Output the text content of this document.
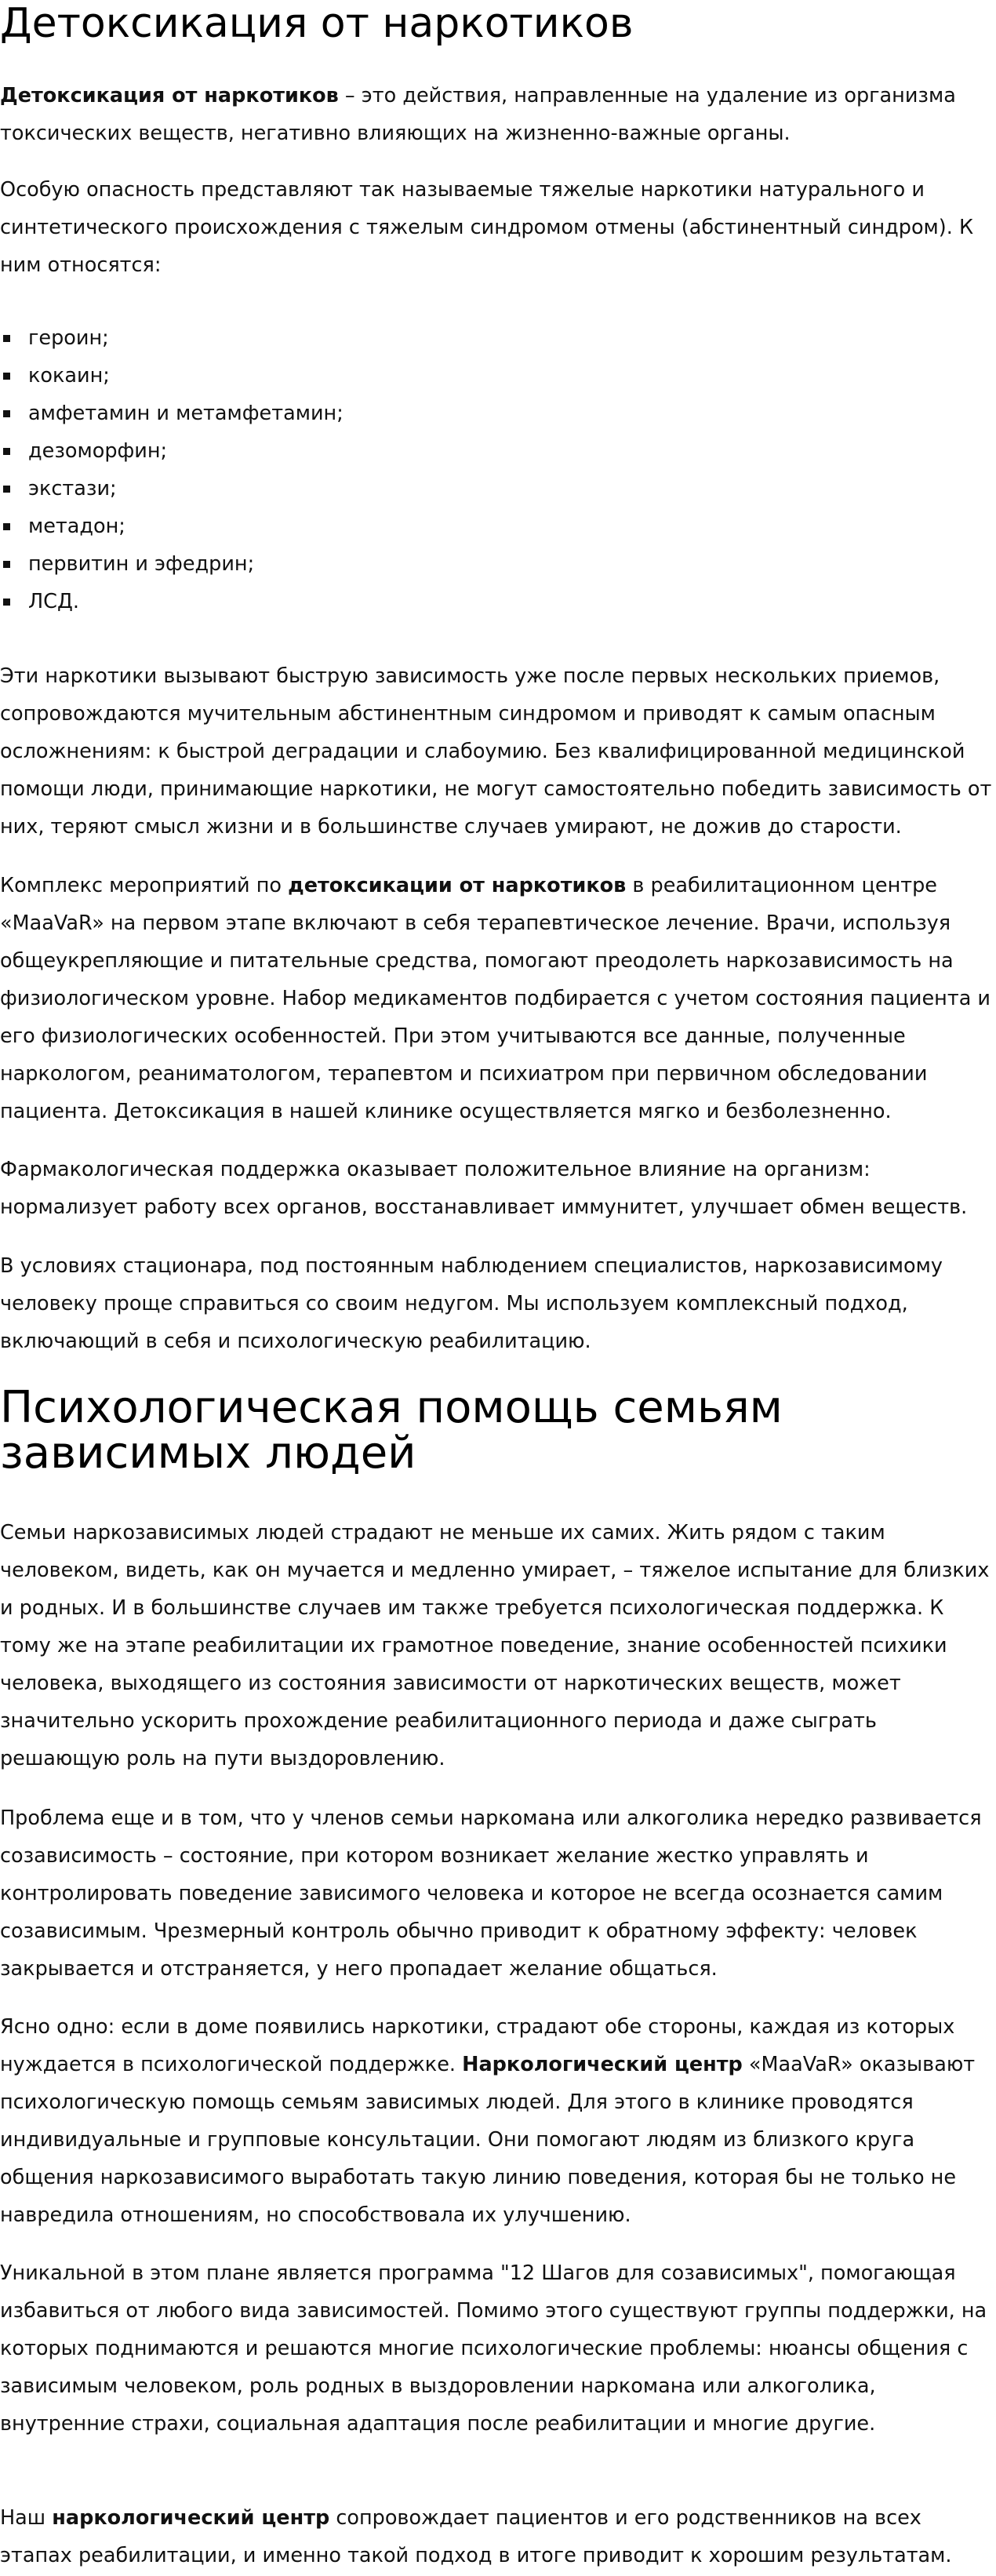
Детоксикация от наркотиков

Детоксикация от наркотиков – это действия, направленные на удаление из организма токсических веществ, негативно влияющих на жизненно-важные органы.

Особую опасность представляют так называемые тяжелые наркотики натурального и синтетического происхождения с тяжелым синдромом отмены (абстинентный синдром). К ним относятся:

героин;
кокаин;
амфетамин и метамфетамин;
дезоморфин;
экстази;
метадон;
первитин и эфедрин;
ЛСД.

Эти наркотики вызывают быструю зависимость уже после первых нескольких приемов, сопровождаются мучительным абстинентным синдромом и приводят к самым опасным осложнениям: к быстрой деградации и слабоумию. Без квалифицированной медицинской помощи люди, принимающие наркотики, не могут самостоятельно победить зависимость от них, теряют смысл жизни и в большинстве случаев умирают, не дожив до старости.

Комплекс мероприятий по детоксикации от наркотиков в реабилитационном центре «MaaVaR» на первом этапе включают в себя терапевтическое лечение. Врачи, используя общеукрепляющие и питательные средства, помогают преодолеть наркозависимость на физиологическом уровне. Набор медикаментов подбирается с учетом состояния пациента и его физиологических особенностей. При этом учитываются все данные, полученные наркологом, реаниматологом, терапевтом и психиатром при первичном обследовании пациента. Детоксикация в нашей клинике осуществляется мягко и безболезненно.

Фармакологическая поддержка оказывает положительное влияние на организм: нормализует работу всех органов, восстанавливает иммунитет, улучшает обмен веществ.

В условиях стационара, под постоянным наблюдением специалистов, наркозависимому человеку проще справиться со своим недугом. Мы используем комплексный подход, включающий в себя и психологическую реабилитацию.

Психологическая помощь семьям зависимых людей

Семьи наркозависимых людей страдают не меньше их самих. Жить рядом с таким человеком, видеть, как он мучается и медленно умирает, – тяжелое испытание для близких и родных. И в большинстве случаев им также требуется психологическая поддержка. К тому же на этапе реабилитации их грамотное поведение, знание особенностей психики человека, выходящего из состояния зависимости от наркотических веществ, может значительно ускорить прохождение реабилитационного периода и даже сыграть решающую роль на пути выздоровлению.

Проблема еще и в том, что у членов семьи наркомана или алкоголика нередко развивается созависимость – состояние, при котором возникает желание жестко управлять и контролировать поведение зависимого человека и которое не всегда осознается самим созависимым. Чрезмерный контроль обычно приводит к обратному эффекту: человек закрывается и отстраняется, у него пропадает желание общаться.

Ясно одно: если в доме появились наркотики, страдают обе стороны, каждая из которых нуждается в психологической поддержке. Наркологический центр «MaaVaR» оказывают психологическую помощь семьям зависимых людей. Для этого в клинике проводятся индивидуальные и групповые консультации. Они помогают людям из близкого круга общения наркозависимого выработать такую линию поведения, которая бы не только не навредила отношениям, но способствовала их улучшению.

Уникальной в этом плане является программа "12 Шагов для созависимых", помогающая избавиться от любого вида зависимостей. Помимо этого существуют группы поддержки, на которых поднимаются и решаются многие психологические проблемы: нюансы общения с зависимым человеком, роль родных в выздоровлении наркомана или алкоголика, внутренние страхи, социальная адаптация после реабилитации и многие другие.

Наш наркологический центр сопровождает пациентов и его родственников на всех этапах реабилитации, и именно такой подход в итоге приводит к хорошим результатам.
